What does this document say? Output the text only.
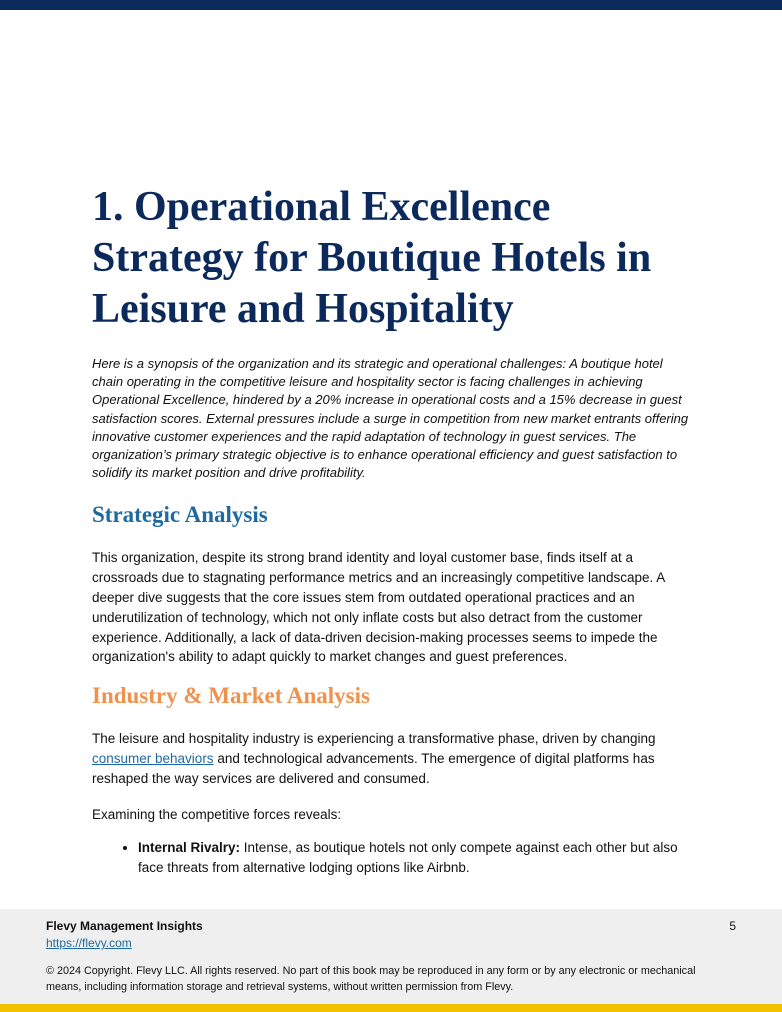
1. Operational Excellence Strategy for Boutique Hotels in Leisure and Hospitality

Here is a synopsis of the organization and its strategic and operational challenges: A boutique hotel chain operating in the competitive leisure and hospitality sector is facing challenges in achieving Operational Excellence, hindered by a 20% increase in operational costs and a 15% decrease in guest satisfaction scores. External pressures include a surge in competition from new market entrants offering innovative customer experiences and the rapid adaptation of technology in guest services. The organization’s primary strategic objective is to enhance operational efficiency and guest satisfaction to solidify its market position and drive profitability.

Strategic Analysis

This organization, despite its strong brand identity and loyal customer base, finds itself at a crossroads due to stagnating performance metrics and an increasingly competitive landscape. A deeper dive suggests that the core issues stem from outdated operational practices and an underutilization of technology, which not only inflate costs but also detract from the customer experience. Additionally, a lack of data-driven decision-making processes seems to impede the organization's ability to adapt quickly to market changes and guest preferences.

Industry & Market Analysis

The leisure and hospitality industry is experiencing a transformative phase, driven by changing consumer behaviors and technological advancements. The emergence of digital platforms has reshaped the way services are delivered and consumed.

Examining the competitive forces reveals:

• Internal Rivalry: Intense, as boutique hotels not only compete against each other but also face threats from alternative lodging options like Airbnb.
Flevy Management Insights
https://flevy.com
5
© 2024 Copyright. Flevy LLC. All rights reserved. No part of this book may be reproduced in any form or by any electronic or mechanical means, including information storage and retrieval systems, without written permission from Flevy.
